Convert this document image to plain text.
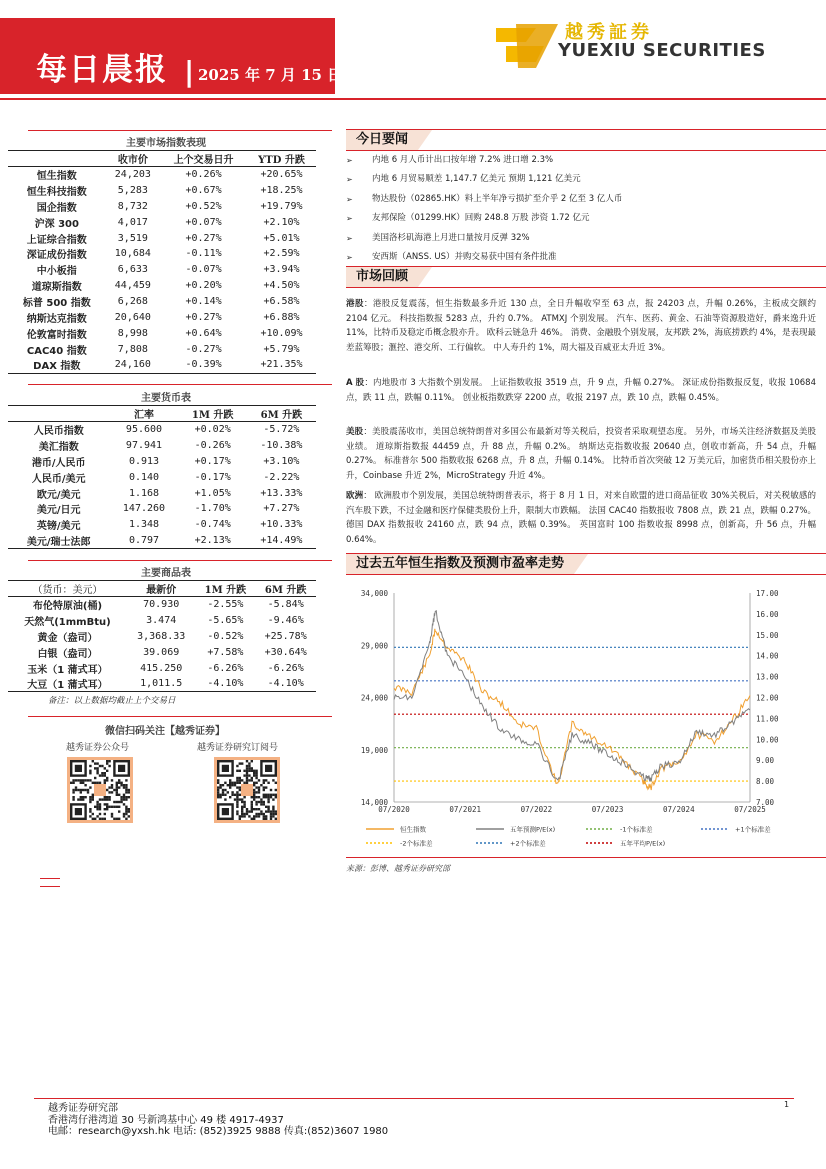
每日晨报 | 2025 年 7 月 15 日
越秀証券
YUEXIU SECURITIES
主要市场指数表现
	收市价	上个交易日升	YTD 升跌
恒生指数	24,203	+0.26%	+20.65%
恒生科技指数	5,283	+0.67%	+18.25%
国企指数	8,732	+0.52%	+19.79%
沪深 300	4,017	+0.07%	+2.10%
上证综合指数	3,519	+0.27%	+5.01%
深证成份指数	10,684	-0.11%	+2.59%
中小板指	6,633	-0.07%	+3.94%
道琼斯指数	44,459	+0.20%	+4.50%
标普 500 指数	6,268	+0.14%	+6.58%
纳斯达克指数	20,640	+0.27%	+6.88%
伦敦富时指数	8,998	+0.64%	+10.09%
CAC40 指数	7,808	-0.27%	+5.79%
DAX 指数	24,160	-0.39%	+21.35%
主要货币表
	汇率	1M 升跌	6M 升跌
人民币指数	95.600	+0.02%	-5.72%
美汇指数	97.941	-0.26%	-10.38%
港币/人民币	0.913	+0.17%	+3.10%
人民币/美元	0.140	-0.17%	-2.22%
欧元/美元	1.168	+1.05%	+13.33%
美元/日元	147.260	-1.70%	+7.27%
英镑/美元	1.348	-0.74%	+10.33%
美元/瑞士法郎	0.797	+2.13%	+14.49%
主要商品表
（货币：美元）	最新价	1M 升跌	6M 升跌
布伦特原油(桶)	70.930	-2.55%	-5.84%
天然气(1mmBtu)	3.474	-5.65%	-9.46%
黄金（盎司）	3,368.33	-0.52%	+25.78%
白银（盎司）	39.069	+7.58%	+30.64%
玉米（1 蒲式耳）	415.250	-6.26%	-6.26%
大豆（1 蒲式耳）	1,011.5	-4.10%	-4.10%
备注：以上数据均截止上个交易日
微信扫码关注【越秀证券】
越秀证券公众号	越秀证券研究订阅号
今日要闻
➢ 内地 6 月人币计出口按年增 7.2% 进口增 2.3%
➢ 内地 6 月贸易顺差 1,147.7 亿美元 预期 1,121 亿美元
➢ 物达股份（02865.HK）料上半年净亏损扩至介乎 2 亿至 3 亿人币
➢ 友邦保险（01299.HK）回购 248.8 万股 涉资 1.72 亿元
➢ 美国洛杉矶海港上月进口量按月反弹 32%
➢ 安西斯（ANSS. US）并购交易获中国有条件批准
市场回顾
港股：港股反复震荡，恒生指数最多升近 130 点，全日升幅收窄至 63 点，报 24203 点，升幅 0.26%，主板成交额约 2104 亿元。 科技指数报 5283 点，升约 0.7%。 ATMXJ 个别发展。 汽车、医药、黄金、石油等资源股造好，爵来逸升近 11%，比特币及稳定币概念股亦升。 欧科云链急升 46%。 消费、金融股个别发展，友邦跌 2%，海底捞跌约 4%，是表现最差蓝筹股；滙控、港交所、工行偏软。 中人寿升约 1%，周大福及百威亚太升近 3%。
A 股：内地股市 3 大指数个别发展。 上证指数收报 3519 点，升 9 点，升幅 0.27%。 深证成份指数报反复，收报 10684 点，跌 11 点，跌幅 0.11%。 创业板指数跌穿 2200 点，收报 2197 点，跌 10 点，跌幅 0.45%。
美股：美股震荡收市，美国总统特朗普对多国公布最新对等关税后，投资者采取观望态度。 另外，市场关注经济数据及美股业绩。 道琼斯指数报 44459 点，升 88 点，升幅 0.2%。 纳斯达克指数收报 20640 点，创收市新高，升 54 点，升幅 0.27%。 标准普尔 500 指数收报 6268 点，升 8 点，升幅 0.14%。 比特币首次突破 12 万美元后，加密货币相关股份亦上升，Coinbase 升近 2%，MicroStrategy 升近 4%。
欧洲： 欧洲股市个别发展，美国总统特朗普表示，将于 8 月 1 日，对来自欧盟的进口商品征收 30%关税后，对关税敏感的汽车股下跌，不过金融和医疗保健类股份上升，限制大市跌幅。 法国 CAC40 指数报收 7808 点，跌 21 点，跌幅 0.27%。 德国 DAX 指数报收 24160 点，跌 94 点，跌幅 0.39%。 英国富时 100 指数收报 8998 点，创新高，升 56 点，升幅 0.64%。
过去五年恒生指数及预测市盈率走势
34,000
29,000
24,000
19,000
14,000
17.00
16.00
15.00
14.00
13.00
12.00
11.00
10.00
9.00
8.00
7.00
07/2020	07/2021	07/2022	07/2023	07/2024	07/2025
恒生指数	五年预测P/E(x)	-1个标准差	+1个标准差
-2个标准差	+2个标准差	五年平均P/E(x)
来源：彭博、越秀证券研究部
越秀证券研究部
香港湾仔港湾道 30 号新鸿基中心 49 楼 4917-4937
电邮：research@yxsh.hk 电话: (852)3925 9888 传真:(852)3607 1980
1
